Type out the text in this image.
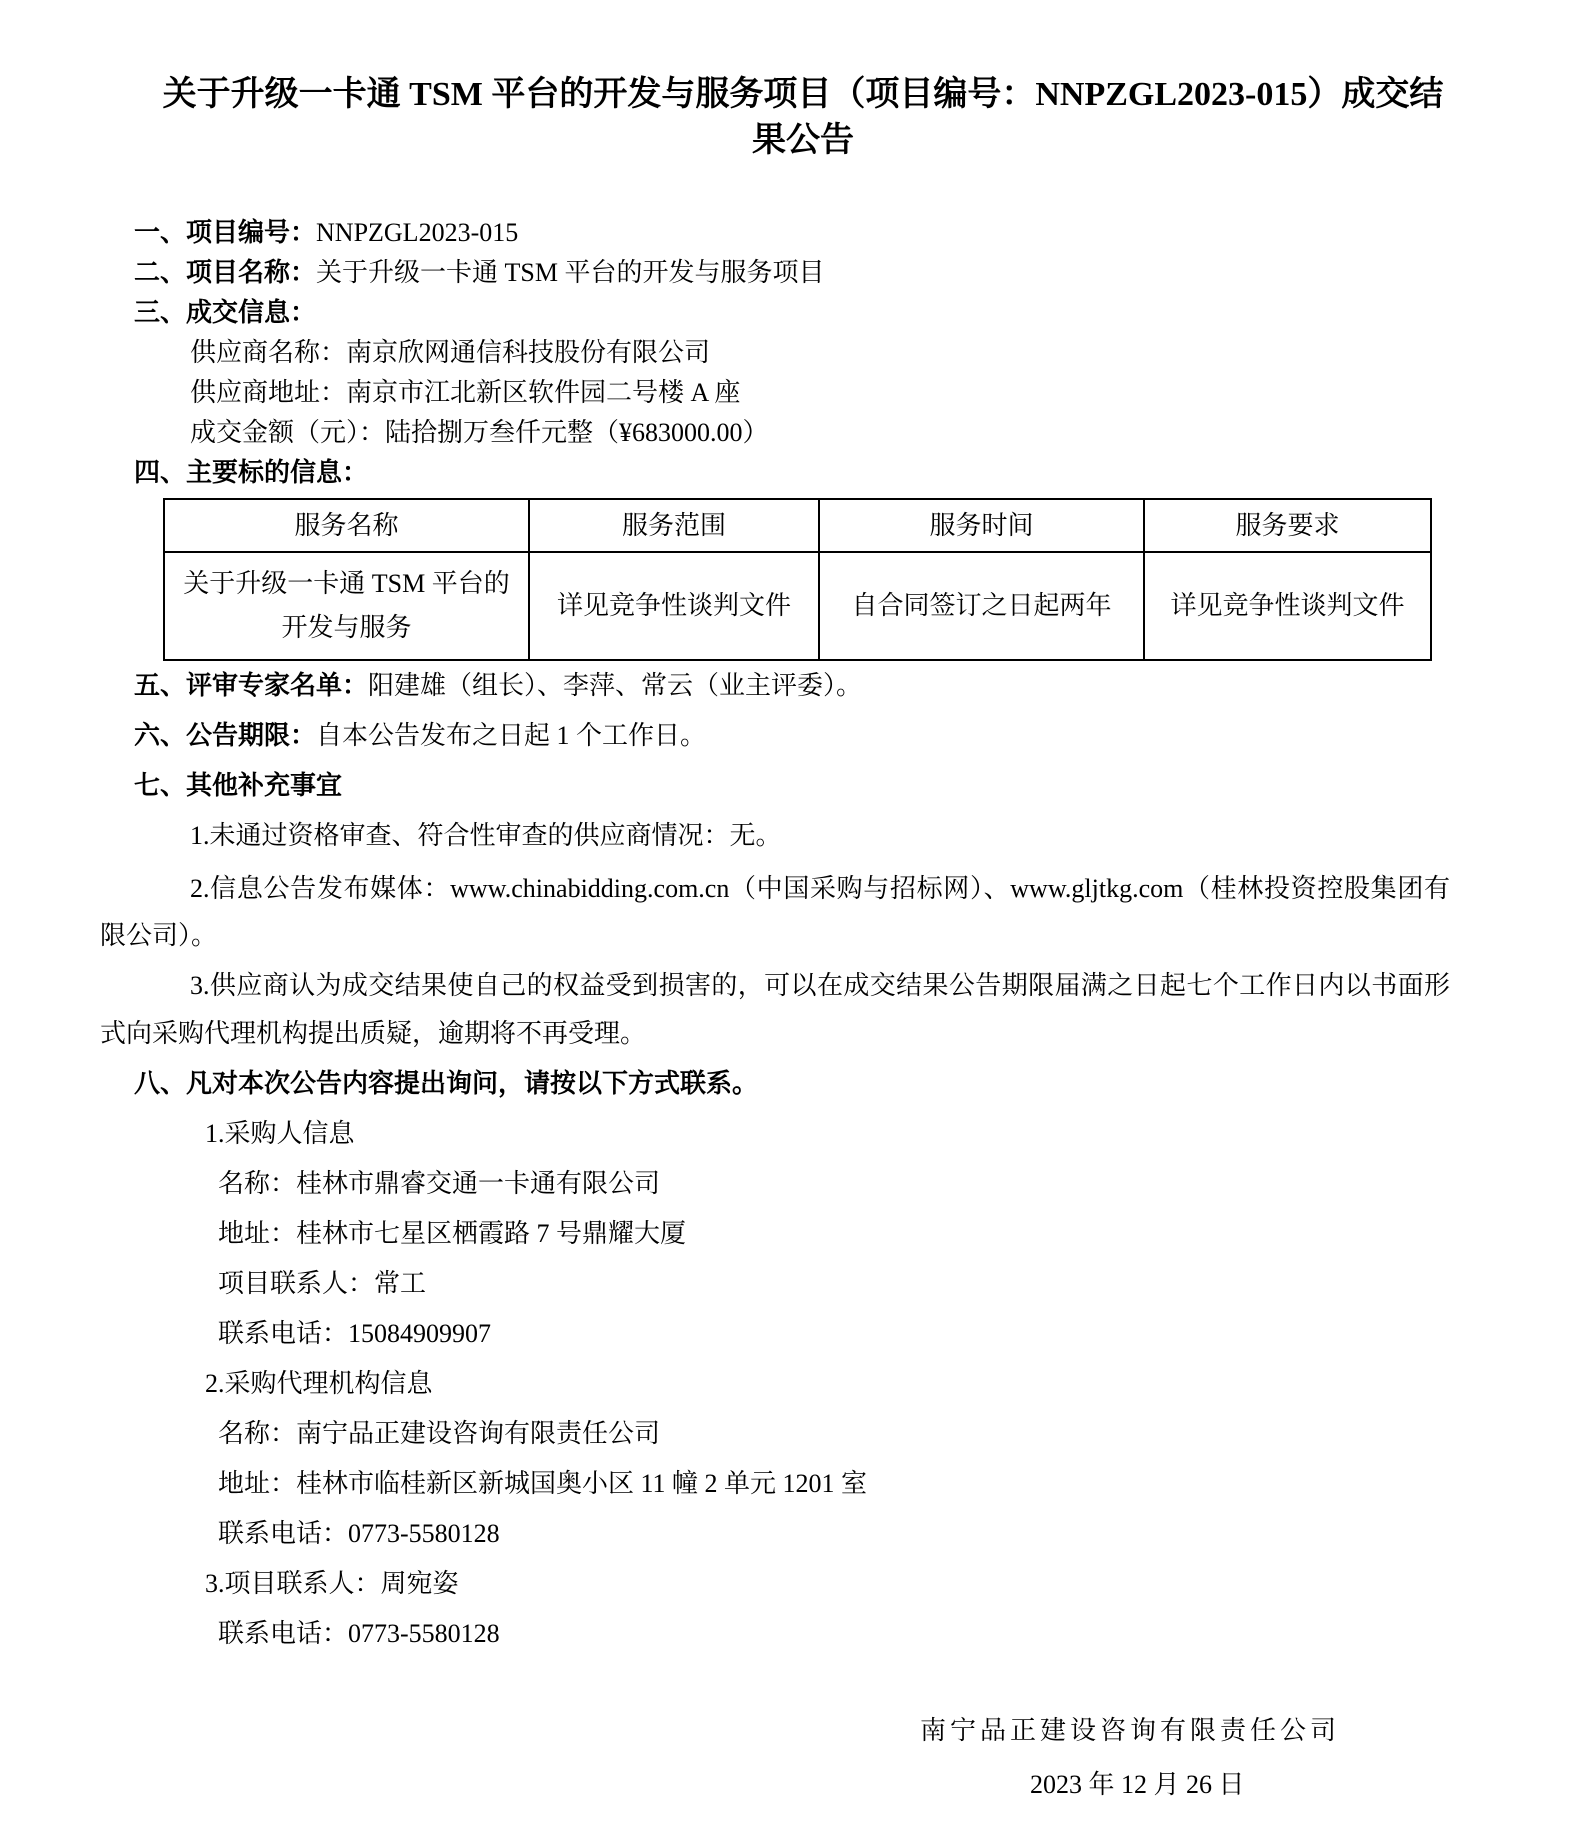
关于升级一卡通 TSM 平台的开发与服务项目（项目编号：NNPZGL2023-015）成交结果公告
一、项目编号：NNPZGL2023-015
二、项目名称：关于升级一卡通 TSM 平台的开发与服务项目
三、成交信息：
供应商名称：南京欣网通信科技股份有限公司
供应商地址：南京市江北新区软件园二号楼 A 座
成交金额（元）：陆拾捌万叁仟元整（¥683000.00）
四、主要标的信息：
服务名称	服务范围	服务时间	服务要求
关于升级一卡通 TSM 平台的开发与服务	详见竞争性谈判文件	自合同签订之日起两年	详见竞争性谈判文件
五、评审专家名单：阳建雄（组长）、李萍、常云（业主评委）。
六、公告期限：自本公告发布之日起 1 个工作日。
七、其他补充事宜

1.未通过资格审查、符合性审查的供应商情况：无。

2.信息公告发布媒体：www.chinabidding.com.cn（中国采购与招标网）、www.gljtkg.com（桂林投资控股集团有限公司）。

3.供应商认为成交结果使自己的权益受到损害的，可以在成交结果公告期限届满之日起七个工作日内以书面形式向采购代理机构提出质疑，逾期将不再受理。

八、凡对本次公告内容提出询问，请按以下方式联系。
1.采购人信息
名称：桂林市鼎睿交通一卡通有限公司
地址：桂林市七星区栖霞路 7 号鼎耀大厦
项目联系人：常工
联系电话：15084909907
2.采购代理机构信息
名称：南宁品正建设咨询有限责任公司
地址：桂林市临桂新区新城国奥小区 11 幢 2 单元 1201 室
联系电话：0773-5580128
3.项目联系人：周宛姿
联系电话：0773-5580128
南宁品正建设咨询有限责任公司
2023 年 12 月 26 日
